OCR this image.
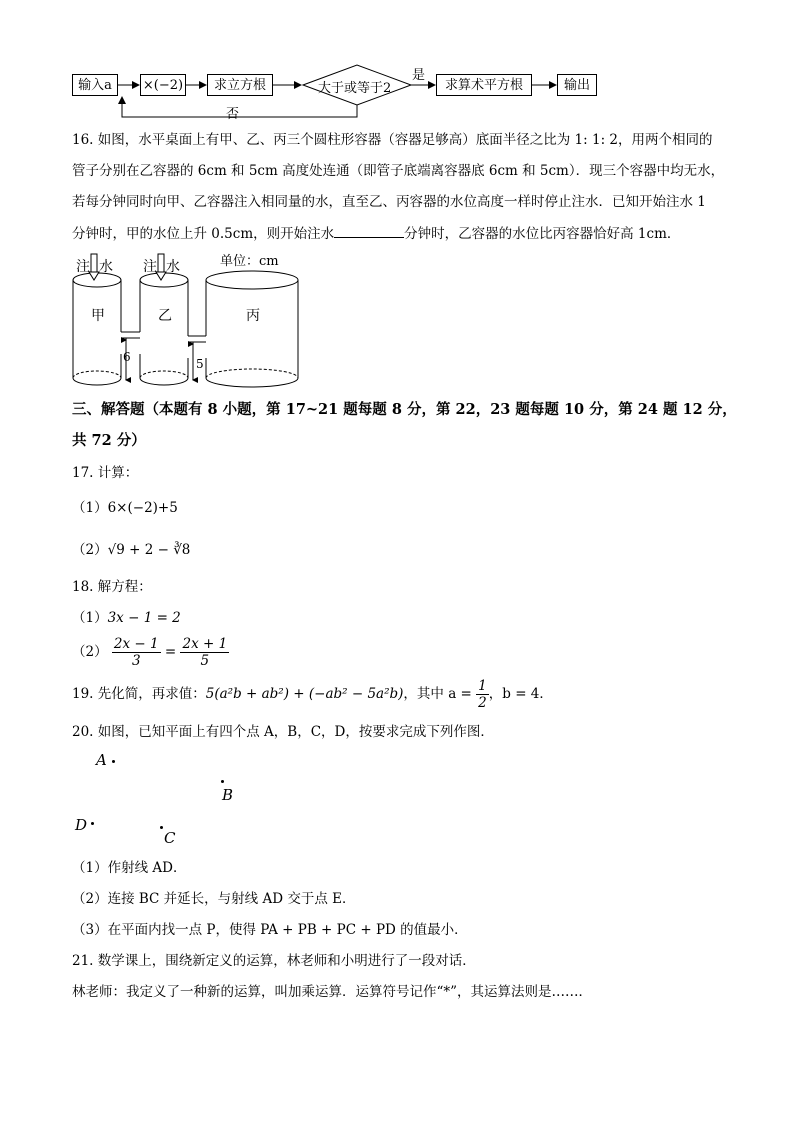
输入a	×(−2)	求立方根	大于或等于2
是
求算术平方根	输出
否
16. 如图，水平桌面上有甲、乙、丙三个圆柱形容器（容器足够高）底面半径之比为 1: 1: 2，用两个相同的
管子分别在乙容器的 6cm 和 5cm 高度处连通（即管子底端离容器底 6cm 和 5cm）．现三个容器中均无水，
若每分钟同时向甲、乙容器注入相同量的水，直至乙、丙容器的水位高度一样时停止注水．已知开始注水 1
分钟时，甲的水位上升 0.5cm，则开始注水	分钟时，乙容器的水位比丙容器恰好高 1cm．
注 水 注 水	单位：cm
甲	乙	丙
6	5
三、解答题（本题有 8 小题，第 17~21 题每题 8 分，第 22，23 题每题 10 分，第 24 题 12 分，
共 72 分）
17. 计算：
（1）6×(−2)+5
（2）√9 + 2 − ∛8
18. 解方程：
（1）3x − 1 = 2
$(2) \frac{2x - 1}{3} = \frac{2x + 1}{5}$
19. 先化简，再求值：5(a²b + ab²) + (−ab² − 5a²b)，其中 $a = \frac{1}{2}$ ，b = 4．
20. 如图，已知平面上有四个点 A，B，C，D，按要求完成下列作图．
A
B
D
C
（1）作射线 AD．
（2）连接 BC 并延长，与射线 AD 交于点 E．
（3）在平面内找一点 P，使得 PA + PB + PC + PD 的值最小．
21. 数学课上，围绕新定义的运算，林老师和小明进行了一段对话．
林老师：我定义了一种新的运算，叫加乘运算．运算符号记作“*”，其运算法则是……．
